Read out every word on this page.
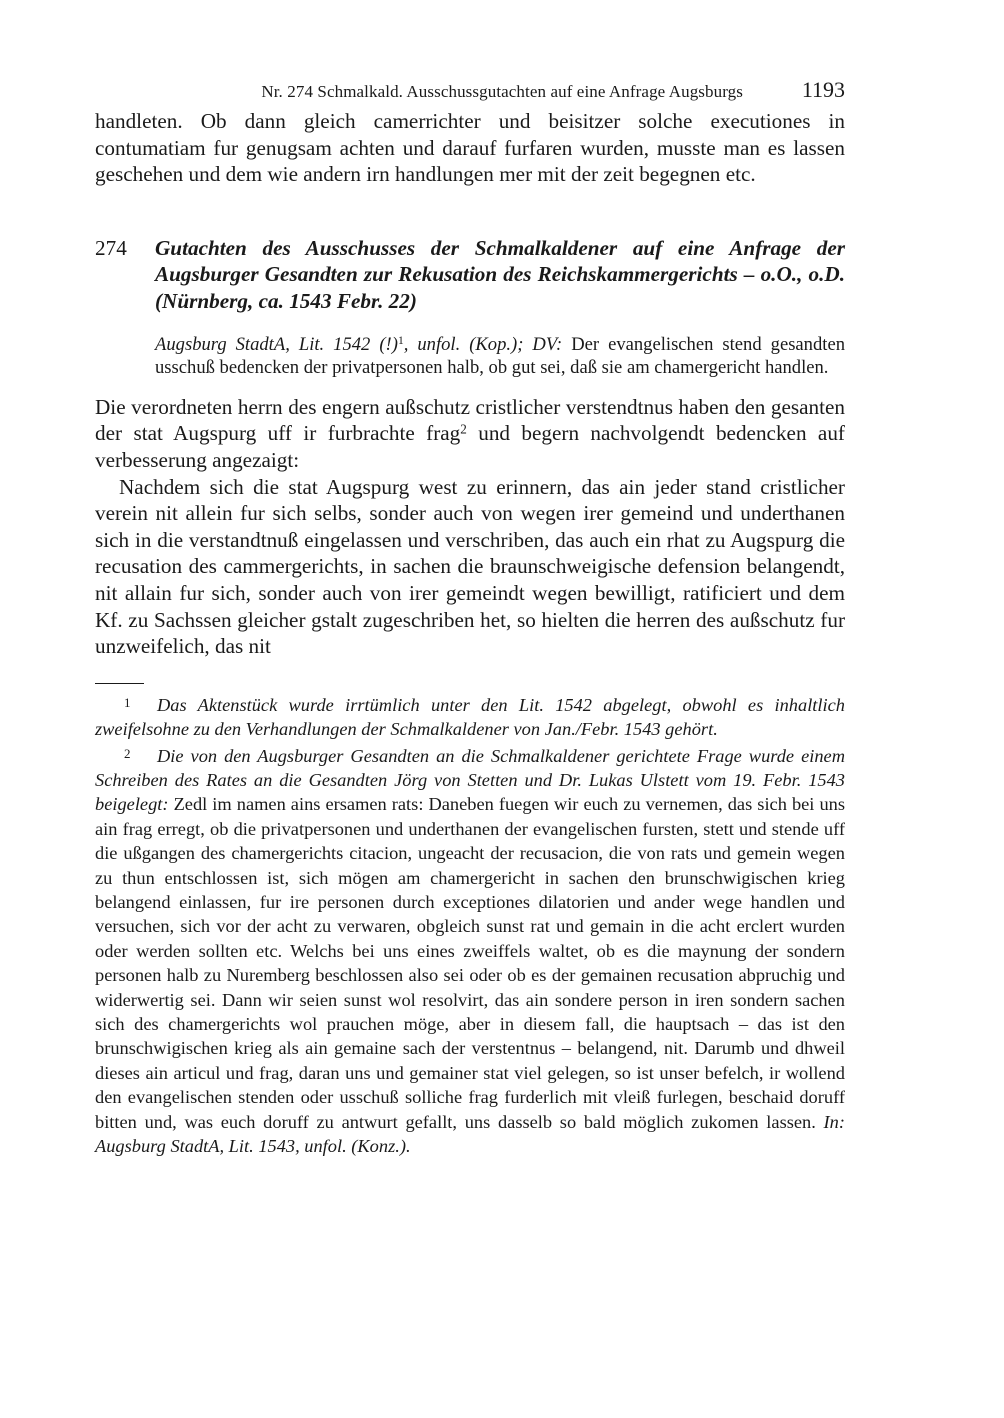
Nr. 274 Schmalkald. Ausschussgutachten auf eine Anfrage Augsburgs	1193

handleten. Ob dann gleich camerrichter und beisitzer solche executiones in contumatiam fur genugsam achten und darauf furfaren wurden, musste man es lassen geschehen und dem wie andern irn handlungen mer mit der zeit begegnen etc.

274	Gutachten des Ausschusses der Schmalkaldener auf eine Anfrage der Augsburger Gesandten zur Rekusation des Reichskammergerichts – o.O., o.D. (Nürnberg, ca. 1543 Febr. 22)

Augsburg StadtA, Lit. 1542 (!)$^1$, unfol. (Kop.); DV: Der evangelischen stend gesandten usschuß bedencken der privatpersonen halb, ob gut sei, daß sie am chamergericht handlen.

Die verordneten herrn des engern außschutz cristlicher verstendtnus haben den gesanten der stat Augspurg uff ir furbrachte frag$^2$ und begern nachvolgendt bedencken auf verbesserung angezaigt:

Nachdem sich die stat Augspurg west zu erinnern, das ain jeder stand cristlicher verein nit allein fur sich selbs, sonder auch von wegen irer gemeind und underthanen sich in die verstandtnuß eingelassen und verschriben, das auch ein rhat zu Augspurg die recusation des cammergerichts, in sachen die braunschweigische defension belangendt, nit allain fur sich, sonder auch von irer gemeindt wegen bewilligt, ratificiert und dem Kf. zu Sachssen gleicher gstalt zugeschriben het, so hielten die herren des außschutz fur unzweifelich, das nit

1 Das Aktenstück wurde irrtümlich unter den Lit. 1542 abgelegt, obwohl es inhaltlich zweifelsohne zu den Verhandlungen der Schmalkaldener von Jan./Febr. 1543 gehört.

2 Die von den Augsburger Gesandten an die Schmalkaldener gerichtete Frage wurde einem Schreiben des Rates an die Gesandten Jörg von Stetten und Dr. Lukas Ulstett vom 19. Febr. 1543 beigelegt: Zedl im namen ains ersamen rats: Daneben fuegen wir euch zu vernemen, das sich bei uns ain frag erregt, ob die privatpersonen und underthanen der evangelischen fursten, stett und stende uff die ußgangen des chamergerichts citacion, ungeacht der recusacion, die von rats und gemein wegen zu thun entschlossen ist, sich mögen am chamergericht in sachen den brunschwigischen krieg belangend einlassen, fur ire personen durch exceptiones dilatorien und ander wege handlen und versuchen, sich vor der acht zu verwaren, obgleich sunst rat und gemain in die acht erclert wurden oder werden sollten etc. Welchs bei uns eines zweiffels waltet, ob es die maynung der sondern personen halb zu Nuremberg beschlossen also sei oder ob es der gemainen recusation abpruchig und widerwertig sei. Dann wir seien sunst wol resolvirt, das ain sondere person in iren sondern sachen sich des chamergerichts wol prauchen möge, aber in diesem fall, die hauptsach – das ist den brunschwigischen krieg als ain gemaine sach der verstentnus – belangend, nit. Darumb und dhweil dieses ain articul und frag, daran uns und gemainer stat viel gelegen, so ist unser befelch, ir wollend den evangelischen stenden oder usschuß solliche frag furderlich mit vleiß furlegen, beschaid doruff bitten und, was euch doruff zu antwurt gefallt, uns dasselb so bald möglich zukomen lassen. In: Augsburg StadtA, Lit. 1543, unfol. (Konz.).
